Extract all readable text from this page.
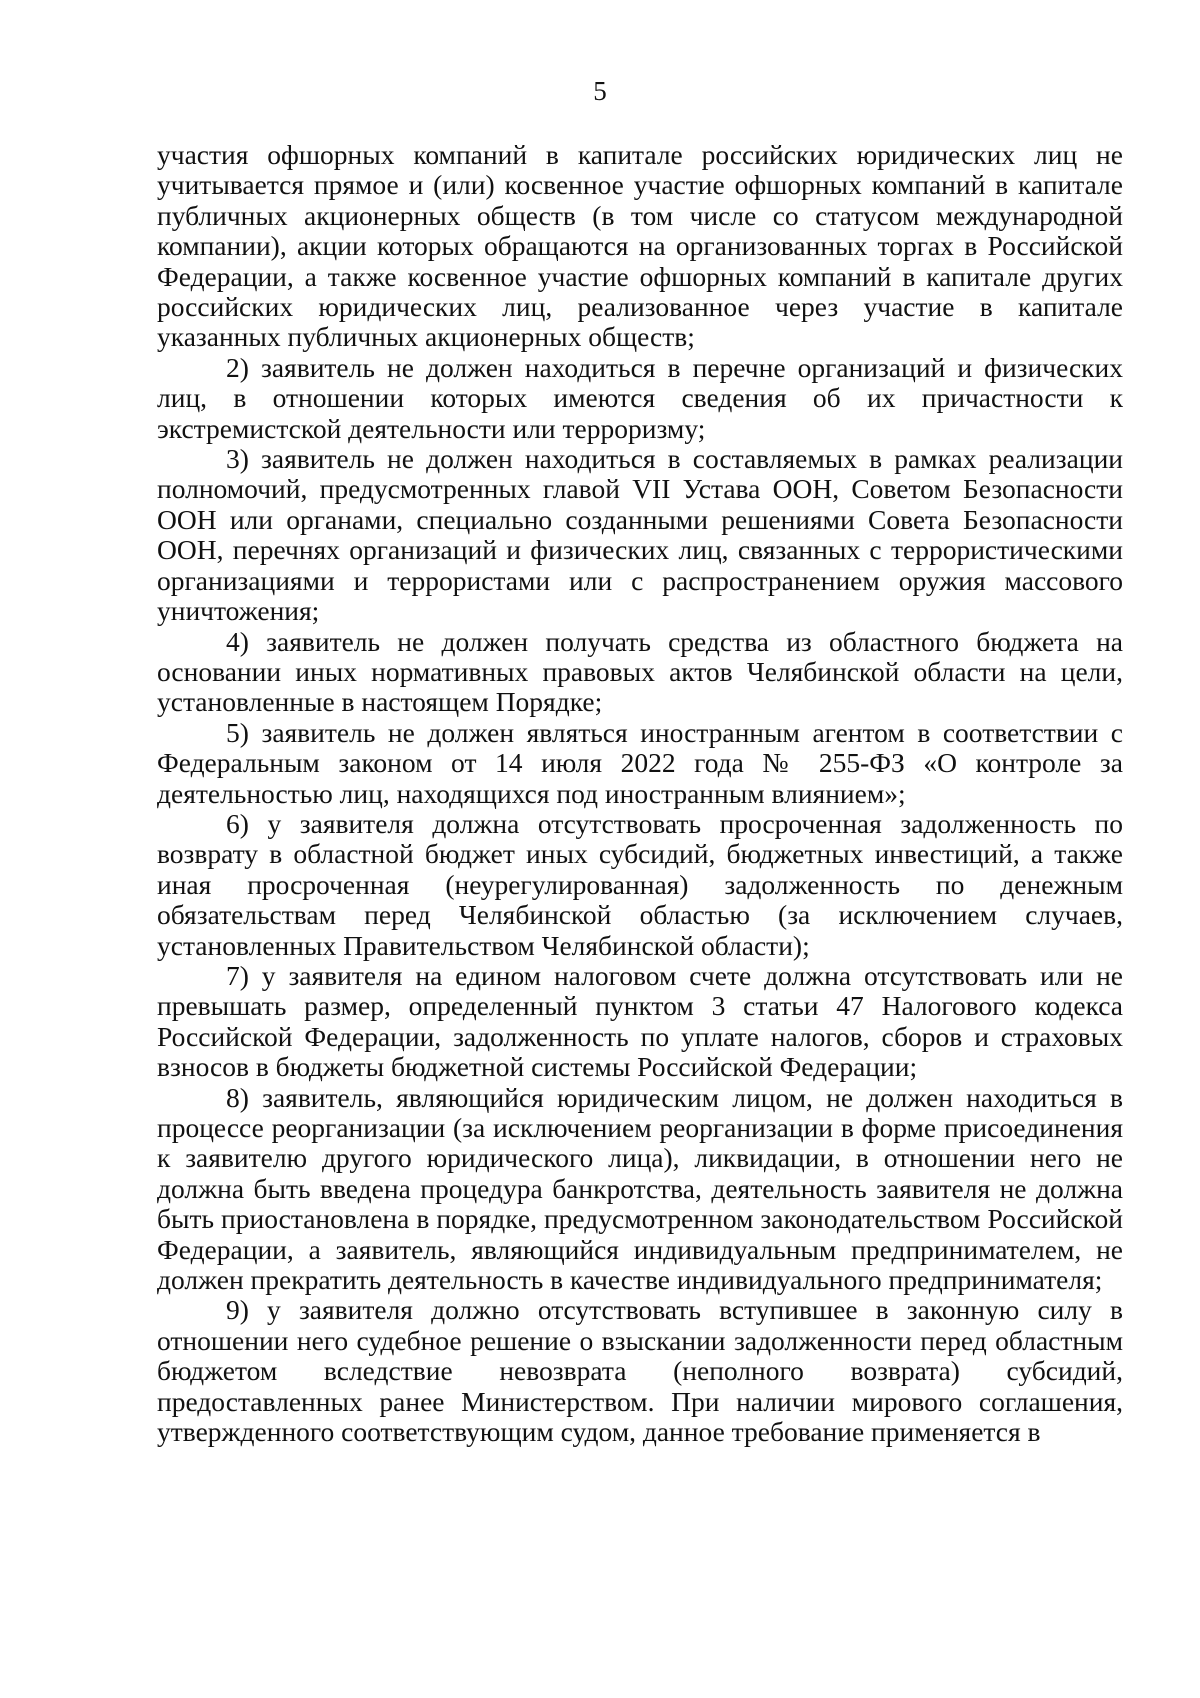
5

участия офшорных компаний в капитале российских юридических лиц не учитывается прямое и (или) косвенное участие офшорных компаний в капитале публичных акционерных обществ (в том числе со статусом международной компании), акции которых обращаются на организованных торгах в Российской Федерации, а также косвенное участие офшорных компаний в капитале других российских юридических лиц, реализованное через участие в капитале указанных публичных акционерных обществ;

2) заявитель не должен находиться в перечне организаций и физических лиц, в отношении которых имеются сведения об их причастности к экстремистской деятельности или терроризму;

3) заявитель не должен находиться в составляемых в рамках реализации полномочий, предусмотренных главой VII Устава ООН, Советом Безопасности ООН или органами, специально созданными решениями Совета Безопасности ООН, перечнях организаций и физических лиц, связанных с террористическими организациями и террористами или с распространением оружия массового уничтожения;

4) заявитель не должен получать средства из областного бюджета на основании иных нормативных правовых актов Челябинской области на цели, установленные в настоящем Порядке;

5) заявитель не должен являться иностранным агентом в соответствии с Федеральным законом от 14 июля 2022 года № 255-ФЗ «О контроле за деятельностью лиц, находящихся под иностранным влиянием»;

6) у заявителя должна отсутствовать просроченная задолженность по возврату в областной бюджет иных субсидий, бюджетных инвестиций, а также иная просроченная (неурегулированная) задолженность по денежным обязательствам перед Челябинской областью (за исключением случаев, установленных Правительством Челябинской области);

7) у заявителя на едином налоговом счете должна отсутствовать или не превышать размер, определенный пунктом 3 статьи 47 Налогового кодекса Российской Федерации, задолженность по уплате налогов, сборов и страховых взносов в бюджеты бюджетной системы Российской Федерации;

8) заявитель, являющийся юридическим лицом, не должен находиться в процессе реорганизации (за исключением реорганизации в форме присоединения к заявителю другого юридического лица), ликвидации, в отношении него не должна быть введена процедура банкротства, деятельность заявителя не должна быть приостановлена в порядке, предусмотренном законодательством Российской Федерации, а заявитель, являющийся индивидуальным предпринимателем, не должен прекратить деятельность в качестве индивидуального предпринимателя;

9) у заявителя должно отсутствовать вступившее в законную силу в отношении него судебное решение о взыскании задолженности перед областным бюджетом вследствие невозврата (неполного возврата) субсидий, предоставленных ранее Министерством. При наличии мирового соглашения, утвержденного соответствующим судом, данное требование применяется в
